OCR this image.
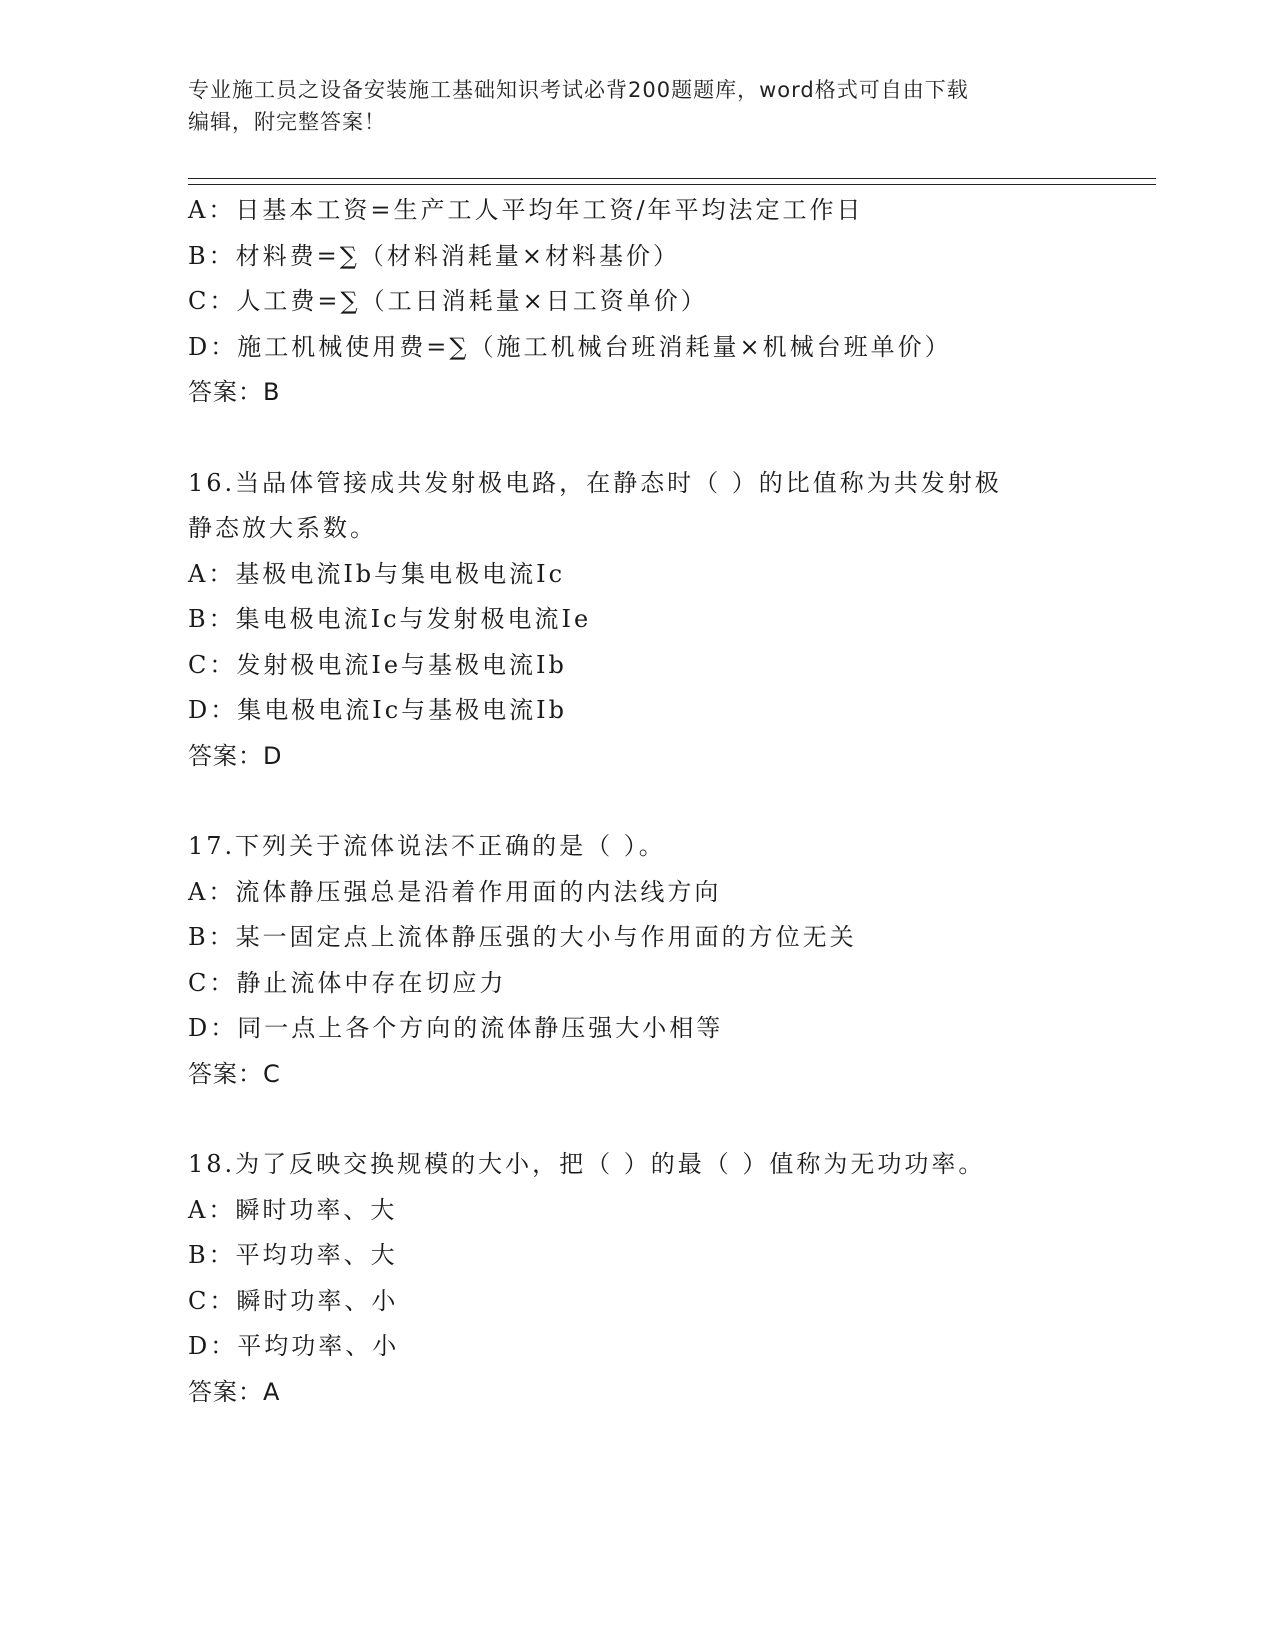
专业施工员之设备安装施工基础知识考试必背200题题库，word格式可自由下载
编辑，附完整答案！
A：日基本工资=生产工人平均年工资/年平均法定工作日
B：材料费=∑（材料消耗量×材料基价）
C：人工费=∑（工日消耗量×日工资单价）
D：施工机械使用费=∑（施工机械台班消耗量×机械台班单价）
答案：B
16.当品体管接成共发射极电路，在静态时（ ）的比值称为共发射极
静态放大系数。
A：基极电流Ib与集电极电流Ic
B：集电极电流Ic与发射极电流Ie
C：发射极电流Ie与基极电流Ib
D：集电极电流Ic与基极电流Ib
答案：D
17.下列关于流体说法不正确的是（ ）。
A：流体静压强总是沿着作用面的内法线方向
B：某一固定点上流体静压强的大小与作用面的方位无关
C：静止流体中存在切应力
D：同一点上各个方向的流体静压强大小相等
答案：C
18.为了反映交换规模的大小，把（ ）的最（ ）值称为无功功率。
A：瞬时功率、大
B：平均功率、大
C：瞬时功率、小
D：平均功率、小
答案：A
